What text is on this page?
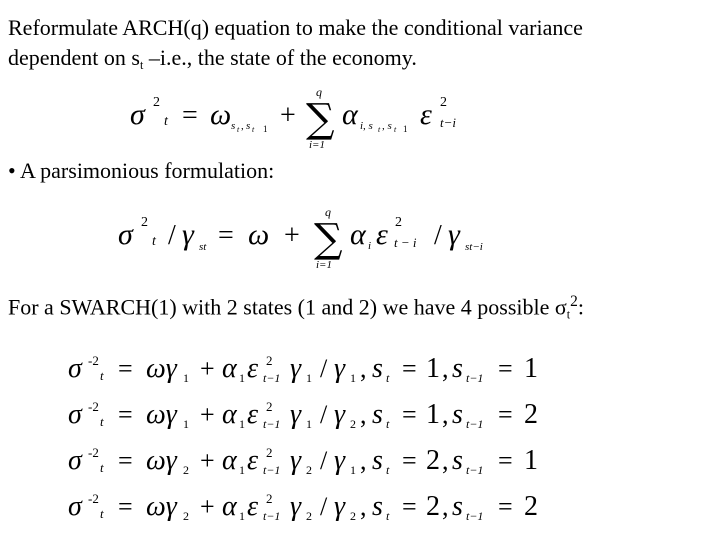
Reformulate ARCH(q) equation to make the conditional variance
dependent on $s_t$ –i.e., the state of the economy.
σ 2
t = ω s t , s t 1 +
q
∑
i=1
α i, s t , s t 1 ε 2
t−i
• A parsimonious formulation:
σ 2
t / γ st = ω +
q
∑
i=1
α i ε 2
t − i / γ st−i
For a SWARCH(1) with 2 states (1 and 2) we have 4 possible $\sigma_t^2$:
σ -2
t = ωγ 1 + α 1 ε 2
t−1 γ 1 / γ 1 , s t = 1 , s t−1 = 1
σ -2
t = ωγ 1 + α 1 ε 2
t−1 γ 1 / γ 2 , s t = 1 , s t−1 = 2
σ -2
t = ωγ 2 + α 1 ε 2
t−1 γ 2 / γ 1 , s t = 2 , s t−1 = 1
σ -2
t = ωγ 2 + α 1 ε 2
t−1 γ 2 / γ 2 , s t = 2 , s t−1 = 2
